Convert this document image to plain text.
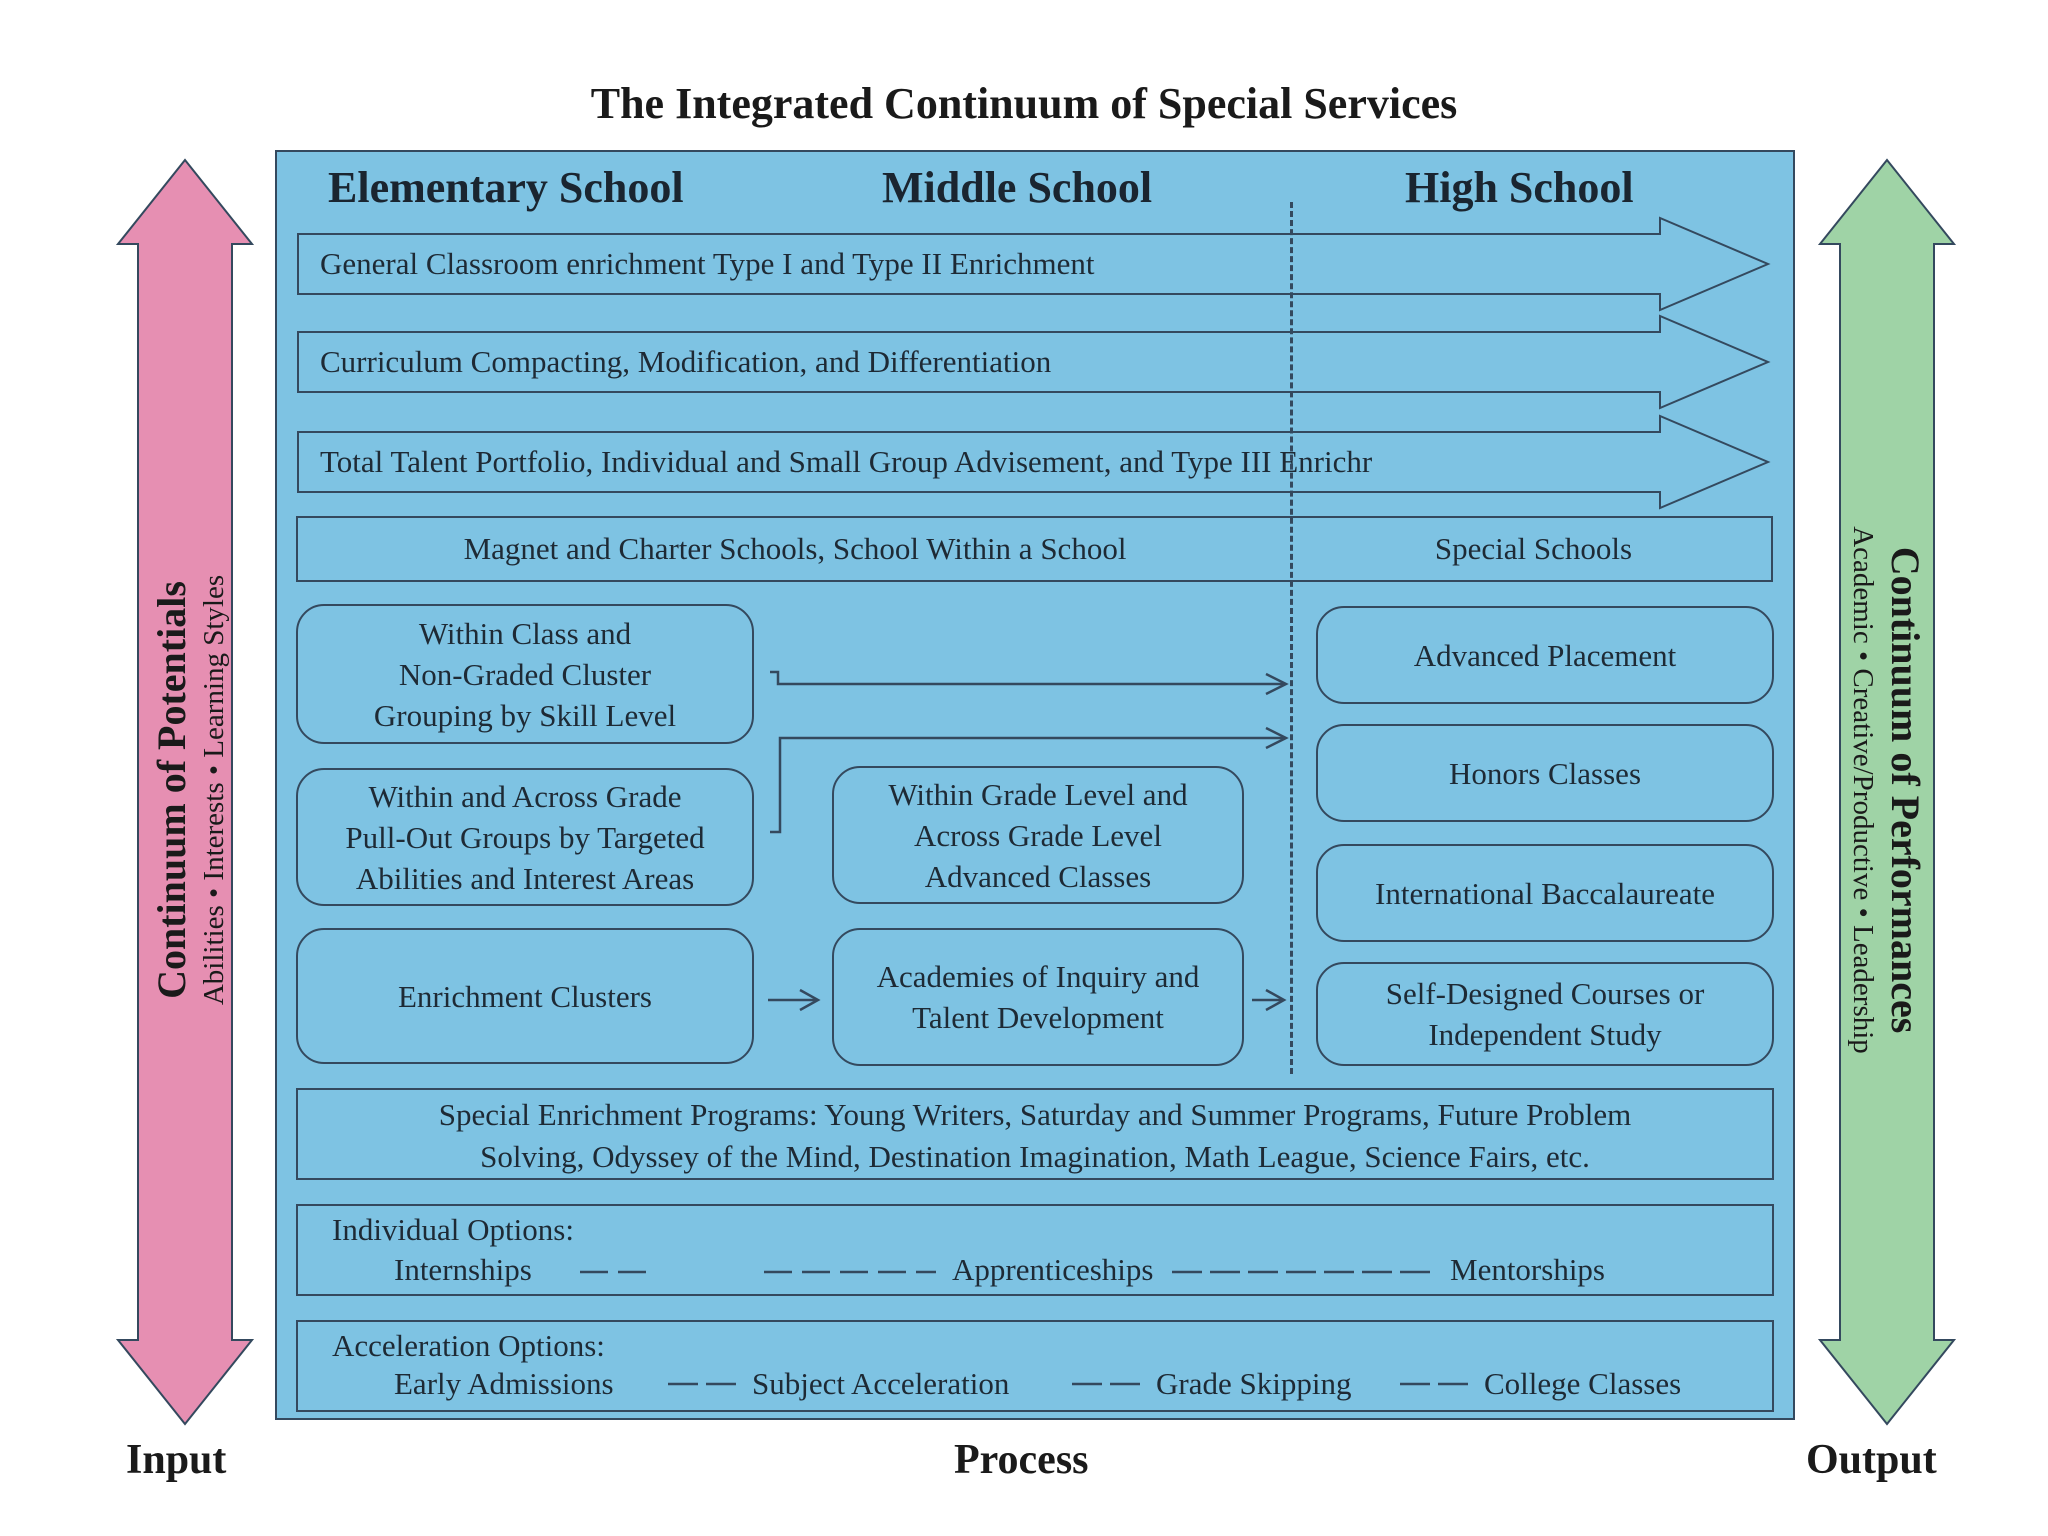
The Integrated Continuum of Special Services
Continuum of Potentials Abilities • Interests • Learning Styles	Continuum of Performances
Academic • Creative/Productive • Leadership
Elementary School	Middle School	High School
General Classroom enrichment Type I and Type II Enrichment
Curriculum Compacting, Modification, and Differentiation
Total Talent Portfolio, Individual and Small Group Advisement, and Type III Enrichr
Magnet and Charter Schools, School Within a School	Special Schools
Within Class and
Non-Graded Cluster
Grouping by Skill Level
Within and Across Grade
Pull-Out Groups by Targeted
Abilities and Interest Areas
Enrichment Clusters
Within Grade Level and
Across Grade Level
Advanced Classes
Academies of Inquiry and
Talent Development
Advanced Placement
Honors Classes
International Baccalaureate
Self-Designed Courses or
Independent Study
Special Enrichment Programs: Young Writers, Saturday and Summer Programs, Future Problem
Solving, Odyssey of the Mind, Destination Imagination, Math League, Science Fairs, etc.
Individual Options:
Internships	Apprenticeships	Mentorships
Acceleration Options:
Early Admissions	Subject Acceleration	Grade Skipping	College Classes
Input	Process	Output
